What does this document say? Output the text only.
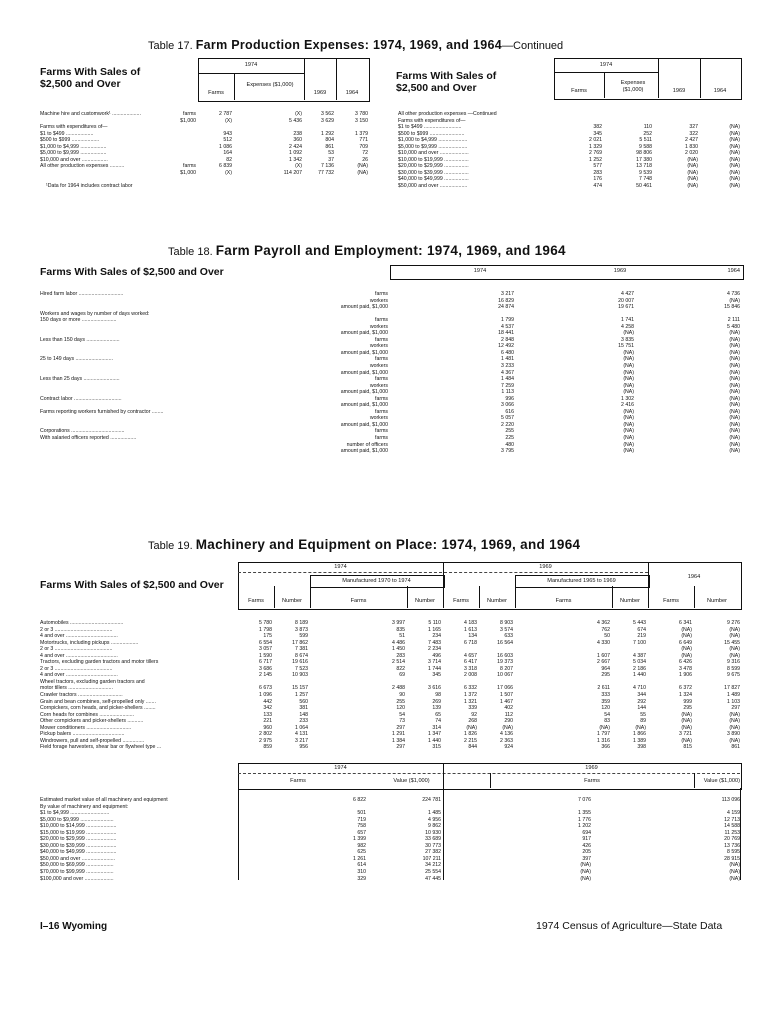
Table 17. Farm Production Expenses: 1974, 1969, and 1964—Continued
Farms With Sales of
$2,500 and Over
1974
Farms
Expenses ($1,000)
1969	1964
Machine hire and customwork¹ ....................	farms	2 787	(X)	3 562	3 780
	$1,000	(X)	5 436	3 629	3 150
Farms with expenditures of—					
$1 to $499 ...................		943	238	1 292	1 379
$500 to $999 ...................		512	360	804	771
$1,000 to $4,999 ..................		1 086	2 424	861	709
$5,000 to $9,999 ..................		164	1 092	53	72
$10,000 and over ..................		82	1 342	37	26

All other production expenses ..........	farms	6 839	(X)	7 136	(NA)
	$1,000	(X)	114 207	77 732	(NA)
¹Data for 1964 includes contract labor
Farms With Sales of
$2,500 and Over
1974
Farms
Expenses ($1,000)	1969	1964
All other production expenses —Continued				
Farms with expenditures of—				
$1 to $499 ..........................	382	110	327	(NA)
$500 to $999 ........................	345	252	322	(NA)
$1,000 to $4,999 ....................	2 021	5 511	2 427	(NA)
$5,000 to $9,999 ....................	1 329	9 588	1 830	(NA)
$10,000 and over ....................	2 769	98 806	2 020	(NA)
$10,000 to $19,999 .................	1 252	17 380	(NA)	(NA)
$20,000 to $29,999 .................	577	13 718	(NA)	(NA)
$30,000 to $39,999 .................	283	9 539	(NA)	(NA)
$40,000 to $49,999 .................	176	7 748	(NA)	(NA)
$50,000 and over ...................	474	50 461	(NA)	(NA)
Table 18. Farm Payroll and Employment: 1974, 1969, and 1964
Farms With Sales of $2,500 and Over	1974	1969	1964
Hired farm labor ...............................	farms	3 217	4 427	4 736
	workers	16 829	20 007	(NA)
	amount paid, $1,000	24 874	19 671	15 846
Workers and wages by number of days worked:				
150 days or more ........................	farms	1 799	1 741	2 111
	workers	4 537	4 258	5 480
	amount paid, $1,000	18 441	(NA)	(NA)
Less than 150 days .......................	farms	2 848	3 835	(NA)
	workers	12 492	15 751	(NA)
	amount paid, $1,000	6 480	(NA)	(NA)
25 to 149 days ..........................	farms	1 481	(NA)	(NA)
	workers	3 233	(NA)	(NA)
	amount paid, $1,000	4 367	(NA)	(NA)
Less than 25 days .........................	farms	1 484	(NA)	(NA)
	workers	7 259	(NA)	(NA)
	amount paid, $1,000	1 113	(NA)	(NA)

Contract labor .................................	farms	996	1 302	(NA)
	amount paid, $1,000	3 066	2 416	(NA)
Farms reporting workers furnished by contractor ........	farms	616	(NA)	(NA)
	workers	5 057	(NA)	(NA)
	amount paid, $1,000	2 220	(NA)	(NA)

Corporations .....................................	farms	255	(NA)	(NA)
With salaried officers reported ..................	farms	225	(NA)	(NA)
	number of officers	480	(NA)	(NA)
	amount paid, $1,000	3 795	(NA)	(NA)
Table 19. Machinery and Equipment on Place: 1974, 1969, and 1964
Farms With Sales of $2,500 and Over
1974	1969
1964
Manufactured 1970 to 1974	Manufactured 1965 to 1969
Farms	Number	Farms	Number	Farms	Number	Farms	Number	Farms	Number
Automobiles .....................................	5 780	8 189	3 997	5 110	4 183	8 903	4 362	5 443	6 341	9 276
2 or 3 ........................................	1 798	3 873	835	1 165	1 613	3 574	762	674	(NA)	(NA)
4 and over ....................................	175	599	51	234	134	633	50	219	(NA)	(NA)
Motortrucks, including pickups ...................	6 554	17 862	4 486	7 483	6 718	16 564	4 330	7 100	6 649	15 455
2 or 3 ........................................	3 057	7 381	1 450	2 234					(NA)	(NA)
4 and over ....................................	1 590	8 674	283	496	4 657	16 603	1 607	4 387	(NA)	(NA)
Tractors, excluding garden tractors and motor tillers	6 717	19 616	2 514	3 714	6 417	19 373	2 667	5 034	6 426	9 316
2 or 3 ........................................	3 686	7 523	822	1 744	3 318	8 207	964	2 186	3 478	8 599
4 and over ....................................	2 145	10 903	69	345	2 008	10 067	295	1 440	1 906	9 675
Wheel tractors, excluding garden tractors and										
motor tillers ...............................	6 673	15 157	2 488	3 616	6 332	17 066	2 611	4 710	6 372	17 827
Crawler tractors ...............................	1 096	1 257	90	98	1 372	1 507	333	344	1 324	1 489

Grain and bean combines, self-propelled only .......	442	560	255	269	1 321	1 467	359	292	999	1 103
Cornpickers, corn heads, and picker-shellers ........	342	381	120	139	339	402	120	144	295	297
Corn heads for combines ........................	133	148	54	65	92	112	54	55	(NA)	(NA)
Other cornpickers and picker-shellers ...........	221	233	73	74	268	290	83	89	(NA)	(NA)
Mower conditioners ...............................	960	1 064	297	314	(NA)	(NA)	(NA)	(NA)	(NA)	(NA)
Pickup balers ....................................	2 802	4 131	1 291	1 347	1 826	4 136	1 797	1 866	3 721	3 890
Windrowers, pull and self-propelled ...............	2 975	3 217	1 384	1 440	2 215	2 363	1 316	1 389	(NA)	(NA)
Field forage harvesters, shear bar or flywheel type ...	859	956	297	315	844	924	366	398	815	861
1974	1969
Farms	Value ($1,000)	Farms	Value ($1,000)
Estimated market value of all machinery and equipment	6 822	224 781	7 076	113 096
By value of machinery and equipment:				
$1 to $4,999 ...........................	501	1 485	1 355	4 159
$5,000 to $9,999 .......................	719	4 956	1 776	12 713
$10,000 to $14,999 .....................	758	9 862	1 202	14 588
$15,000 to $19,999 .....................	657	10 930	694	11 253
$20,000 to $29,999 .....................	1 399	33 689	917	20 769
$30,000 to $39,999 .....................	982	30 773	426	13 736
$40,000 to $49,999 .....................	625	27 382	205	8 595
$50,000 and over .......................	1 261	107 211	397	28 915
$50,000 to $69,999 ...................	614	34 212	(NA)	(NA)
$70,000 to $99,999 ...................	310	25 554	(NA)	(NA)
$100,000 and over ....................	329	47 445	(NA)	(NA)
I–16 Wyoming	1974 Census of Agriculture—State Data
